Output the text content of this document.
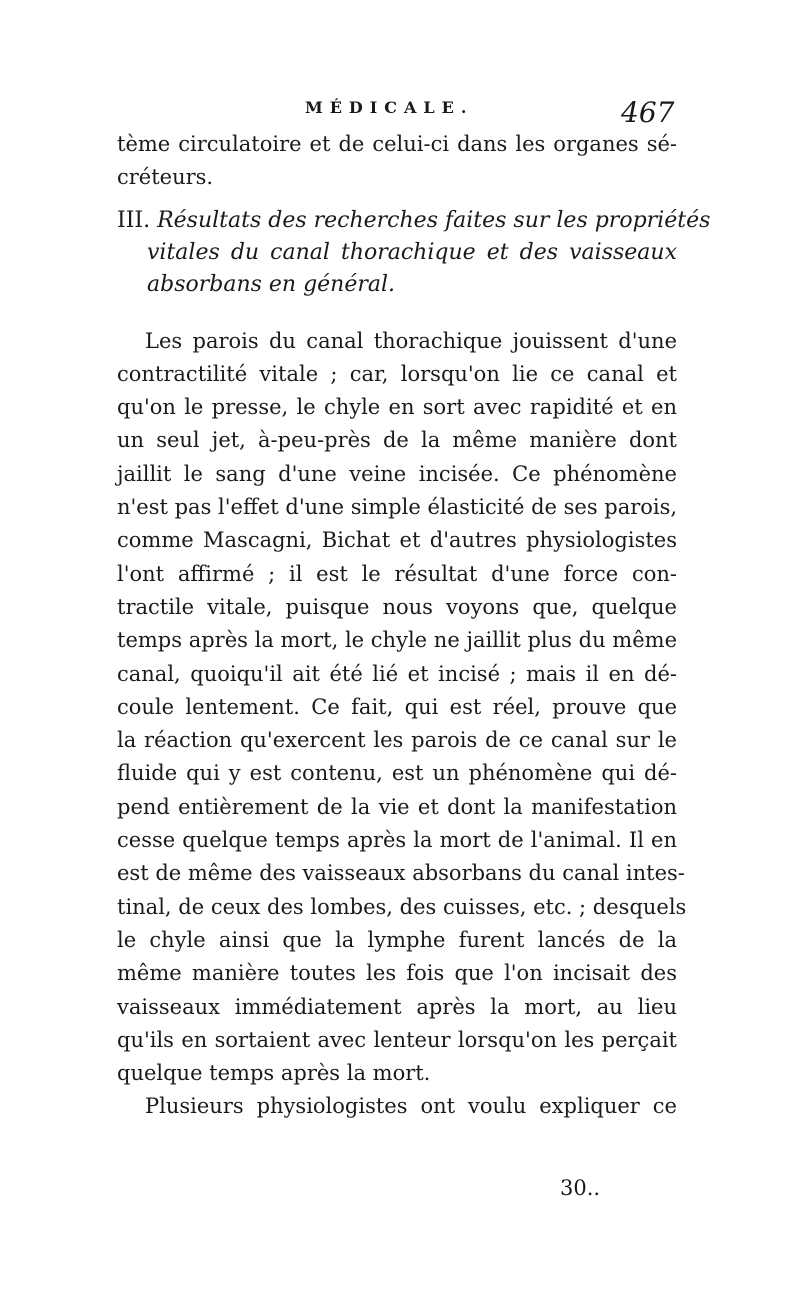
MÉDICALE.	467
tème circulatoire et de celui-ci dans les organes sé-
créteurs.
III. Résultats des recherches faites sur les propriétés
vitales du canal thorachique et des vaisseaux
absorbans en général.
Les parois du canal thorachique jouissent d'une
contractilité vitale ; car, lorsqu'on lie ce canal et
qu'on le presse, le chyle en sort avec rapidité et en
un seul jet, à-peu-près de la même manière dont
jaillit le sang d'une veine incisée. Ce phénomène
n'est pas l'effet d'une simple élasticité de ses parois,
comme Mascagni, Bichat et d'autres physiologistes
l'ont affirmé ; il est le résultat d'une force con-
tractile vitale, puisque nous voyons que, quelque
temps après la mort, le chyle ne jaillit plus du même
canal, quoiqu'il ait été lié et incisé ; mais il en dé-
coule lentement. Ce fait, qui est réel, prouve que
la réaction qu'exercent les parois de ce canal sur le
fluide qui y est contenu, est un phénomène qui dé-
pend entièrement de la vie et dont la manifestation
cesse quelque temps après la mort de l'animal. Il en
est de même des vaisseaux absorbans du canal intes-
tinal, de ceux des lombes, des cuisses, etc. ; desquels
le chyle ainsi que la lymphe furent lancés de la
même manière toutes les fois que l'on incisait des
vaisseaux immédiatement après la mort, au lieu
qu'ils en sortaient avec lenteur lorsqu'on les perçait
quelque temps après la mort.
Plusieurs physiologistes ont voulu expliquer ce
30..
